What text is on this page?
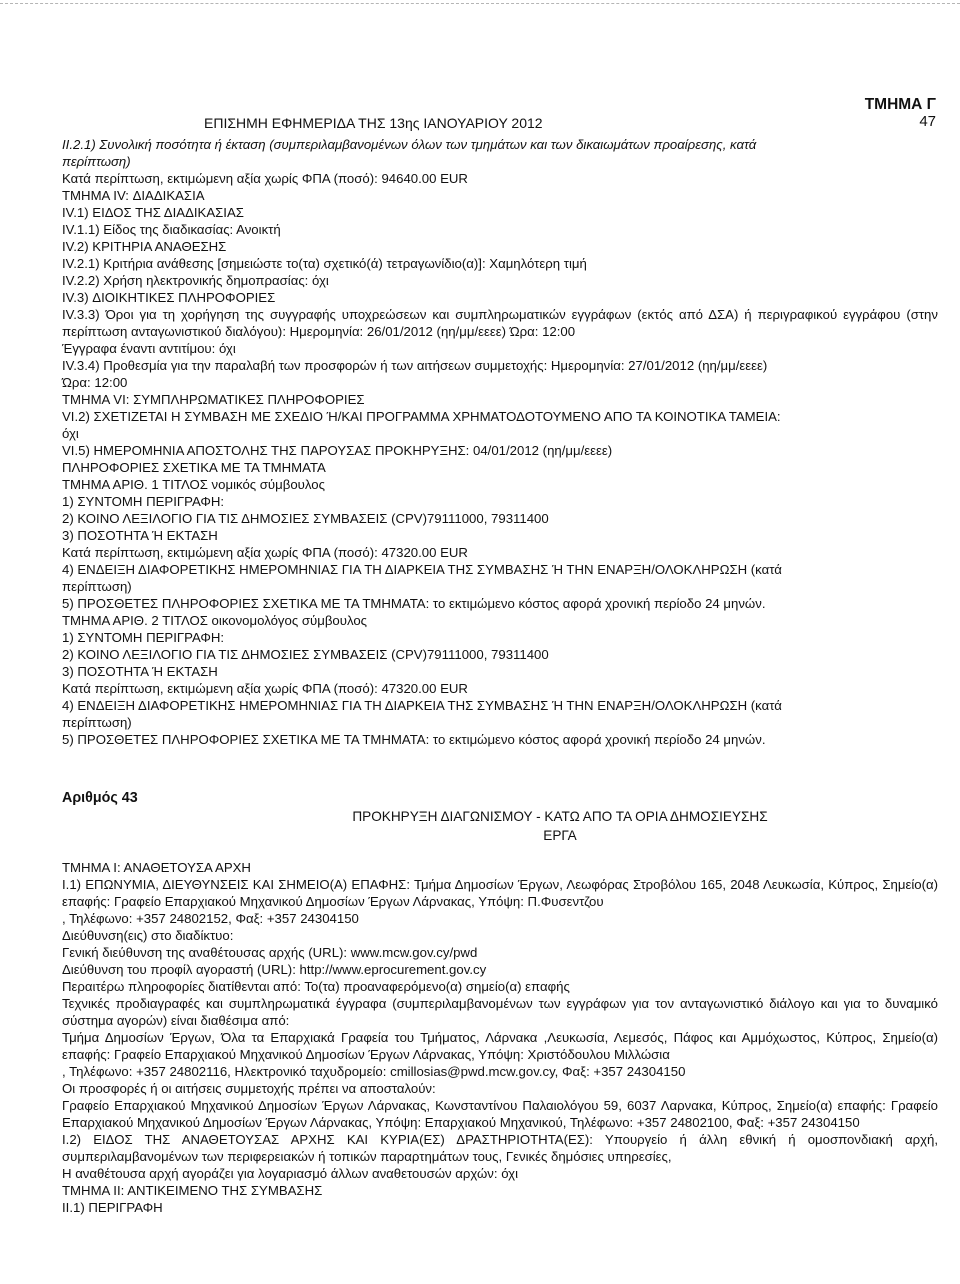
ΤΜΗΜΑ Γ
47
ΕΠΙΣΗΜΗ ΕΦΗΜΕΡΙΔΑ ΤΗΣ 13ης ΙΑΝΟΥΑΡΙΟΥ 2012
ΙΙ.2.1) Συνολική ποσότητα ή έκταση (συμπεριλαμβανομένων όλων των τμημάτων και των δικαιωμάτων προαίρεσης, κατά
περίπτωση)
Κατά περίπτωση, εκτιμώμενη αξία χωρίς ΦΠΑ (ποσό): 94640.00 EUR
ΤΜΗΜΑ IV: ΔΙΑΔΙΚΑΣΙΑ
IV.1) ΕΙΔΟΣ ΤΗΣ ΔΙΑΔΙΚΑΣΙΑΣ
IV.1.1) Είδος της διαδικασίας: Ανοικτή
IV.2) ΚΡΙΤΗΡΙΑ ΑΝΑΘΕΣΗΣ
IV.2.1) Κριτήρια ανάθεσης [σημειώστε το(τα) σχετικό(ά) τετραγωνίδιο(α)]: Χαμηλότερη τιμή
IV.2.2) Χρήση ηλεκτρονικής δημοπρασίας: όχι
IV.3) ΔΙΟΙΚΗΤΙΚΕΣ ΠΛΗΡΟΦΟΡΙΕΣ
IV.3.3) Όροι για τη χορήγηση της συγγραφής υποχρεώσεων και συμπληρωματικών εγγράφων (εκτός από ΔΣΑ) ή περιγραφικού εγγράφου (στην περίπτωση ανταγωνιστικού διαλόγου): Ημερομηνία: 26/01/2012 (ηη/μμ/εεεε) Ώρα: 12:00
Έγγραφα έναντι αντιτίμου: όχι
IV.3.4) Προθεσμία για την παραλαβή των προσφορών ή των αιτήσεων συμμετοχής: Ημερομηνία: 27/01/2012 (ηη/μμ/εεεε)
Ώρα: 12:00
ΤΜΗΜΑ VI: ΣΥΜΠΛΗΡΩΜΑΤΙΚΕΣ ΠΛΗΡΟΦΟΡΙΕΣ
VI.2) ΣΧΕΤΙΖΕΤΑΙ Η ΣΥΜΒΑΣΗ ΜΕ ΣΧΕΔΙΟ Ή/ΚΑΙ ΠΡΟΓΡΑΜΜΑ ΧΡΗΜΑΤΟΔΟΤΟΥΜΕΝΟ ΑΠΟ ΤΑ ΚΟΙΝΟΤΙΚΑ ΤΑΜΕΙΑ:
όχι
VI.5) ΗΜΕΡΟΜΗΝΙΑ ΑΠΟΣΤΟΛΗΣ ΤΗΣ ΠΑΡΟΥΣΑΣ ΠΡΟΚΗΡΥΞΗΣ: 04/01/2012 (ηη/μμ/εεεε)
ΠΛΗΡΟΦΟΡΙΕΣ ΣΧΕΤΙΚΑ ΜΕ ΤΑ ΤΜΗΜΑΤΑ
ΤΜΗΜΑ ΑΡΙΘ. 1 ΤΙΤΛΟΣ νομικός σύμβουλος
1) ΣΥΝΤΟΜΗ ΠΕΡΙΓΡΑΦΗ:
2) ΚΟΙΝΟ ΛΕΞΙΛΟΓΙΟ ΓΙΑ ΤΙΣ ΔΗΜΟΣΙΕΣ ΣΥΜΒΑΣΕΙΣ (CPV)79111000, 79311400
3) ΠΟΣΟΤΗΤΑ Ή ΕΚΤΑΣΗ
Κατά περίπτωση, εκτιμώμενη αξία χωρίς ΦΠΑ (ποσό): 47320.00 EUR
4) ΕΝΔΕΙΞΗ ΔΙΑΦΟΡΕΤΙΚΗΣ ΗΜΕΡΟΜΗΝΙΑΣ ΓΙΑ ΤΗ ΔΙΑΡΚΕΙΑ ΤΗΣ ΣΥΜΒΑΣΗΣ Ή ΤΗΝ ΕΝΑΡΞΗ/ΟΛΟΚΛΗΡΩΣΗ (κατά
περίπτωση)
5) ΠΡΟΣΘΕΤΕΣ ΠΛΗΡΟΦΟΡΙΕΣ ΣΧΕΤΙΚΑ ΜΕ ΤΑ ΤΜΗΜΑΤΑ: το εκτιμώμενο κόστος αφορά χρονική περίοδο 24 μηνών.
ΤΜΗΜΑ ΑΡΙΘ. 2 ΤΙΤΛΟΣ οικονομολόγος σύμβουλος
1) ΣΥΝΤΟΜΗ ΠΕΡΙΓΡΑΦΗ:
2) ΚΟΙΝΟ ΛΕΞΙΛΟΓΙΟ ΓΙΑ ΤΙΣ ΔΗΜΟΣΙΕΣ ΣΥΜΒΑΣΕΙΣ (CPV)79111000, 79311400
3) ΠΟΣΟΤΗΤΑ Ή ΕΚΤΑΣΗ
Κατά περίπτωση, εκτιμώμενη αξία χωρίς ΦΠΑ (ποσό): 47320.00 EUR
4) ΕΝΔΕΙΞΗ ΔΙΑΦΟΡΕΤΙΚΗΣ ΗΜΕΡΟΜΗΝΙΑΣ ΓΙΑ ΤΗ ΔΙΑΡΚΕΙΑ ΤΗΣ ΣΥΜΒΑΣΗΣ Ή ΤΗΝ ΕΝΑΡΞΗ/ΟΛΟΚΛΗΡΩΣΗ (κατά
περίπτωση)
5) ΠΡΟΣΘΕΤΕΣ ΠΛΗΡΟΦΟΡΙΕΣ ΣΧΕΤΙΚΑ ΜΕ ΤΑ ΤΜΗΜΑΤΑ: το εκτιμώμενο κόστος αφορά χρονική περίοδο 24 μηνών.
Αριθμός 43
ΠΡΟΚΗΡΥΞΗ ΔΙΑΓΩΝΙΣΜΟΥ - ΚΑΤΩ ΑΠΟ ΤΑ ΟΡΙΑ ΔΗΜΟΣΙΕΥΣΗΣ
ΕΡΓΑ
ΤΜΗΜΑ Ι: ΑΝΑΘΕΤΟΥΣΑ ΑΡΧΗ
Ι.1) ΕΠΩΝΥΜΙΑ, ΔΙΕΥΘΥΝΣΕΙΣ ΚΑΙ ΣΗΜΕΙΟ(Α) ΕΠΑΦΗΣ: Τμήμα Δημοσίων Έργων, Λεωφόρας Στροβόλου 165, 2048 Λευκωσία, Κύπρος, Σημείο(α) επαφής: Γραφείο Επαρχιακού Μηχανικού Δημοσίων Έργων Λάρνακας, Υπόψη: Π.Φυσεντζου
, Τηλέφωνο: +357 24802152, Φαξ: +357 24304150
Διεύθυνση(εις) στο διαδίκτυο:
Γενική διεύθυνση της αναθέτουσας αρχής (URL): www.mcw.gov.cy/pwd
Διεύθυνση του προφίλ αγοραστή (URL): http://www.eprocurement.gov.cy
Περαιτέρω πληροφορίες διατίθενται από: Το(τα) προαναφερόμενο(α) σημείο(α) επαφής
Τεχνικές προδιαγραφές και συμπληρωματικά έγγραφα (συμπεριλαμβανομένων των εγγράφων για τον ανταγωνιστικό διάλογο και για το δυναμικό σύστημα αγορών) είναι διαθέσιμα από:
Τμήμα Δημοσίων Έργων, Όλα τα Επαρχιακά Γραφεία του Τμήματος, Λάρνακα ,Λευκωσία, Λεμεσός, Πάφος και Αμμόχωστος, Κύπρος, Σημείο(α) επαφής: Γραφείο Επαρχιακού Μηχανικού Δημοσίων Έργων Λάρνακας, Υπόψη: Χριστόδουλου Μιλλώσια
, Τηλέφωνο: +357 24802116, Ηλεκτρονικό ταχυδρομείο: cmillosias@pwd.mcw.gov.cy, Φαξ: +357 24304150
Οι προσφορές ή οι αιτήσεις συμμετοχής πρέπει να αποσταλούν:
Γραφείο Επαρχιακού Μηχανικού Δημοσίων Έργων Λάρνακας, Κωνσταντίνου Παλαιολόγου 59, 6037 Λαρνακα, Κύπρος, Σημείο(α) επαφής: Γραφείο Επαρχιακού Μηχανικού Δημοσίων Έργων Λάρνακας, Υπόψη: Επαρχιακού Μηχανικού, Τηλέφωνο: +357 24802100, Φαξ: +357 24304150
Ι.2) ΕΙΔΟΣ ΤΗΣ ΑΝΑΘΕΤΟΥΣΑΣ ΑΡΧΗΣ ΚΑΙ ΚΥΡΙΑ(ΕΣ) ΔΡΑΣΤΗΡΙΟΤΗΤΑ(ΕΣ): Υπουργείο ή άλλη εθνική ή ομοσπονδιακή αρχή, συμπεριλαμβανομένων των περιφερειακών ή τοπικών παραρτημάτων τους, Γενικές δημόσιες υπηρεσίες,
Η αναθέτουσα αρχή αγοράζει για λογαριασμό άλλων αναθετουσών αρχών: όχι
ΤΜΗΜΑ ΙΙ: ΑΝΤΙΚΕΙΜΕΝΟ ΤΗΣ ΣΥΜΒΑΣΗΣ
ΙΙ.1) ΠΕΡΙΓΡΑΦΗ
